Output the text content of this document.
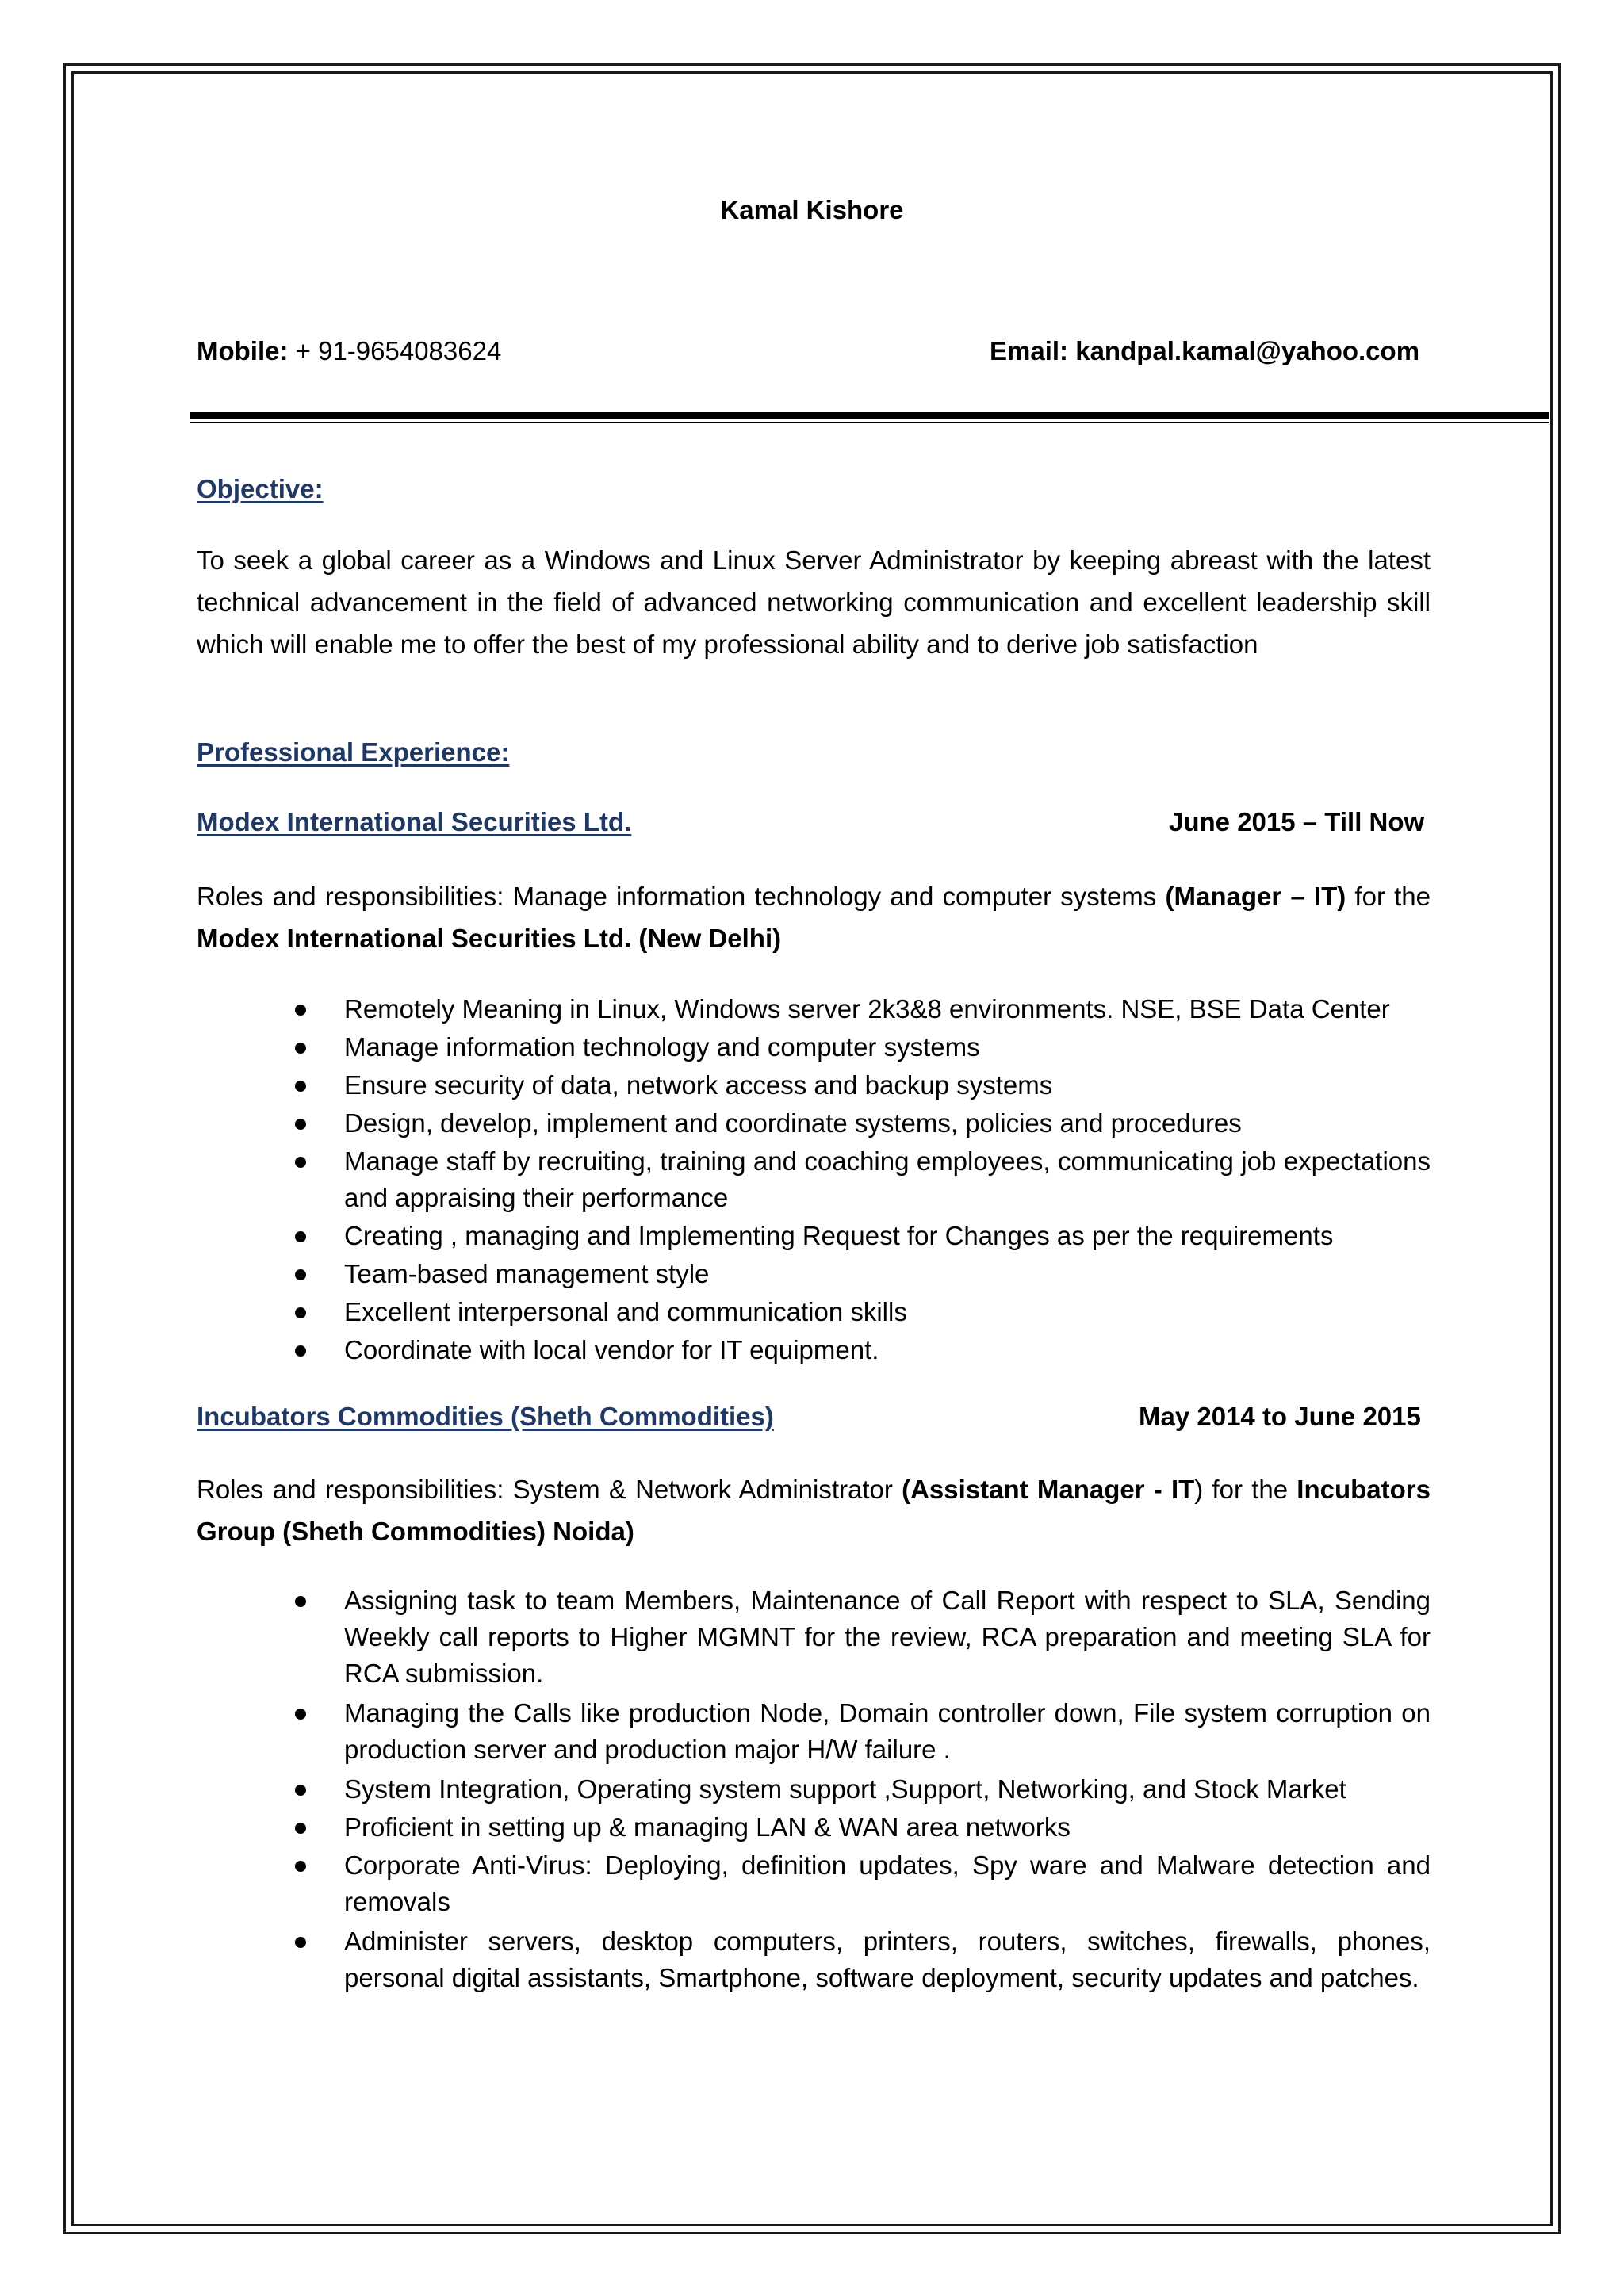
Kamal Kishore
Mobile: + 91-9654083624	Email: kandpal.kamal@yahoo.com
Objective:
To seek a global career as a Windows and Linux Server Administrator by keeping abreast with the latest technical advancement in the field of advanced networking communication and excellent leadership skill which will enable me to offer the best of my professional ability and to derive job satisfaction
Professional Experience:
Modex International Securities Ltd.	June 2015 – Till Now
Roles and responsibilities: Manage information technology and computer systems (Manager – IT) for the Modex International Securities Ltd. (New Delhi)
Remotely Meaning in Linux, Windows server 2k3&8 environments. NSE, BSE Data Center
Manage information technology and computer systems
Ensure security of data, network access and backup systems
Design, develop, implement and coordinate systems, policies and procedures
Manage staff by recruiting, training and coaching employees, communicating job expectations and appraising their performance
Creating , managing and Implementing Request for Changes as per the requirements
Team-based management style
Excellent interpersonal and communication skills
Coordinate with local vendor for IT equipment.
Incubators Commodities (Sheth Commodities)	May 2014 to June 2015
Roles and responsibilities: System & Network Administrator (Assistant Manager - IT) for the Incubators Group (Sheth Commodities) Noida)
Assigning task to team Members, Maintenance of Call Report with respect to SLA, Sending Weekly call reports to Higher MGMNT for the review, RCA preparation and meeting SLA for RCA submission.
Managing the Calls like production Node, Domain controller down, File system corruption on production server and production major H/W failure .
System Integration, Operating system support ,Support, Networking, and Stock Market
Proficient in setting up & managing LAN & WAN area networks
Corporate Anti-Virus: Deploying, definition updates, Spy ware and Malware detection and removals
Administer servers, desktop computers, printers, routers, switches, firewalls, phones, personal digital assistants, Smartphone, software deployment, security updates and patches.
